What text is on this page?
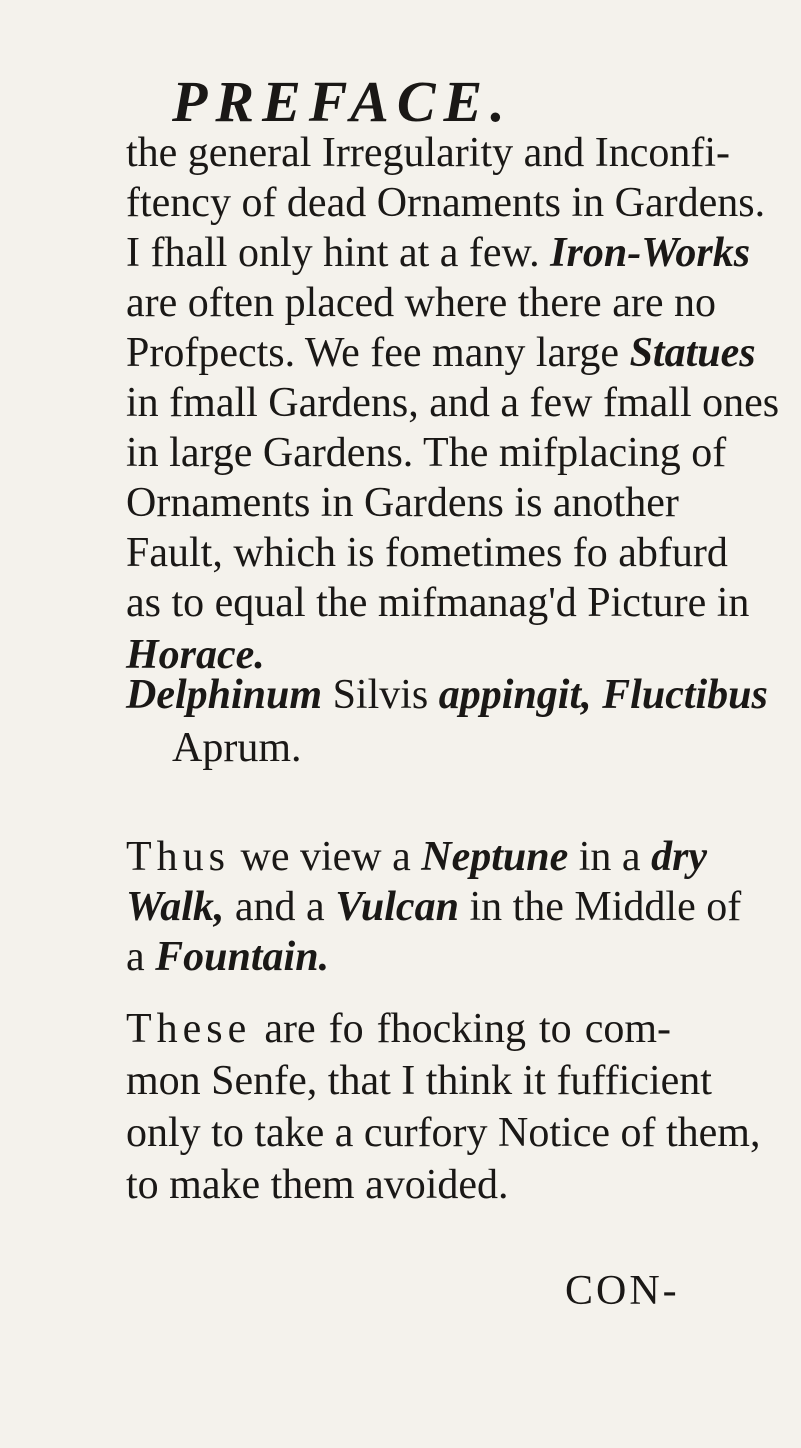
PREFACE.
the general Irregularity and Inconfi-
ftency of dead Ornaments in Gardens.
I fhall only hint at a few. Iron-Works
are often placed where there are no
Profpects. We fee many large Statues
in fmall Gardens, and a few fmall ones
in large Gardens. The mifplacing of
Ornaments in Gardens is another
Fault, which is fometimes fo abfurd
as to equal the mifmanag'd Picture in
Horace.
Delphinum Silvis appingit, Fluctibus
Aprum.
Thus we view a Neptune in a dry
Walk, and a Vulcan in the Middle of
a Fountain.
These are fo fhocking to com-
mon Senfe, that I think it fufficient
only to take a curfory Notice of them,
to make them avoided.
CON-
